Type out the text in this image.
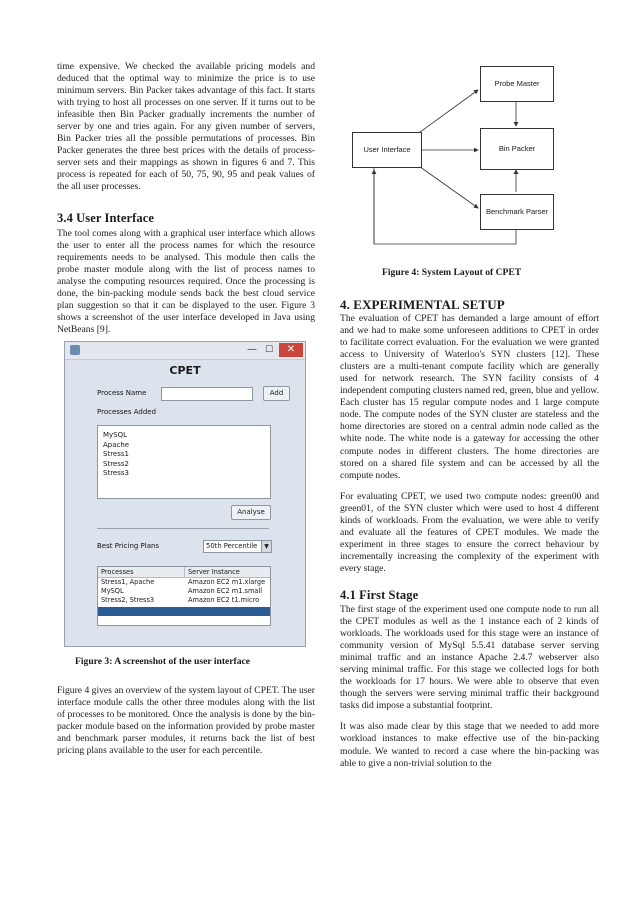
time expensive. We checked the available pricing models and deduced that the optimal way to minimize the price is to use minimum servers. Bin Packer takes advantage of this fact. It starts with trying to host all processes on one server. If it turns out to be infeasible then Bin Packer gradually increments the number of server by one and tries again. For any given number of servers, Bin Packer tries all the possible permutations of processes. Bin Packer generates the three best prices with the details of process-server sets and their mappings as shown in figures 6 and 7. This process is repeated for each of 50, 75, 90, 95 and peak values of the all user processes.

3.4 User Interface

The tool comes along with a graphical user interface which allows the user to enter all the process names for which the resource requirements needs to be analysed. This module then calls the probe master module along with the list of process names to analyse the computing resources required. Once the processing is done, the bin-packing module sends back the best cloud service plan suggestion so that it can be displayed to the user. Figure 3 shows a screenshot of the user interface developed in Java using NetBeans [9].

— ☐	✕
CPET
Process Name	Add
Processes Added
MySQL
Apache
Stress1
Stress2
Stress3
Analyse
Best Pricing Plans	50th Percentile	▼
Processes	Server Instance
Stress1, Apache	Amazon EC2 m1.xlarge
MySQL	Amazon EC2 m1.small
Stress2, Stress3	Amazon EC2 t1.micro
Figure 3: A screenshot of the user interface

Figure 4 gives an overview of the system layout of CPET. The user interface module calls the other three modules along with the list of processes to be monitored. Once the analysis is done by the bin-packer module based on the information provided by probe master and benchmark parser modules, it returns back the list of best pricing plans available to the user for each percentile.

Probe Master
User Interface	Bin Packer
Benchmark Parser
Figure 4: System Layout of CPET
4. EXPERIMENTAL SETUP

The evaluation of CPET has demanded a large amount of effort and we had to make some unforeseen additions to CPET in order to facilitate correct evaluation. For the evaluation we were granted access to University of Waterloo's SYN clusters [12]. These clusters are a multi-tenant compute facility which are generally used for network research. The SYN facility consists of 4 independent computing clusters named red, green, blue and yellow. Each cluster has 15 regular compute nodes and 1 large compute node. The compute nodes of the SYN cluster are stateless and the home directories are stored on a central admin node called as the white node. The white node is a gateway for accessing the other compute nodes in different clusters. The home directories are stored on a shared file system and can be accessed by all the compute nodes.

For evaluating CPET, we used two compute nodes: green00 and green01, of the SYN cluster which were used to host 4 different kinds of workloads. From the evaluation, we were able to verify and evaluate all the features of CPET modules. We made the experiment in three stages to ensure the correct behaviour by incrementally increasing the complexity of the experiment with every stage.

4.1 First Stage

The first stage of the experiment used one compute node to run all the CPET modules as well as the 1 instance each of 2 kinds of workloads. The workloads used for this stage were an instance of community version of MySql 5.5.41 database server serving minimal traffic and an instance Apache 2.4.7 webserver also serving minimal traffic. For this stage we collected logs for both the workloads for 17 hours. We were able to observe that even though the servers were serving minimal traffic their background tasks did impose a substantial footprint.

It was also made clear by this stage that we needed to add more workload instances to make effective use of the bin-packing module. We wanted to record a case where the bin-packing was able to give a non-trivial solution to the
